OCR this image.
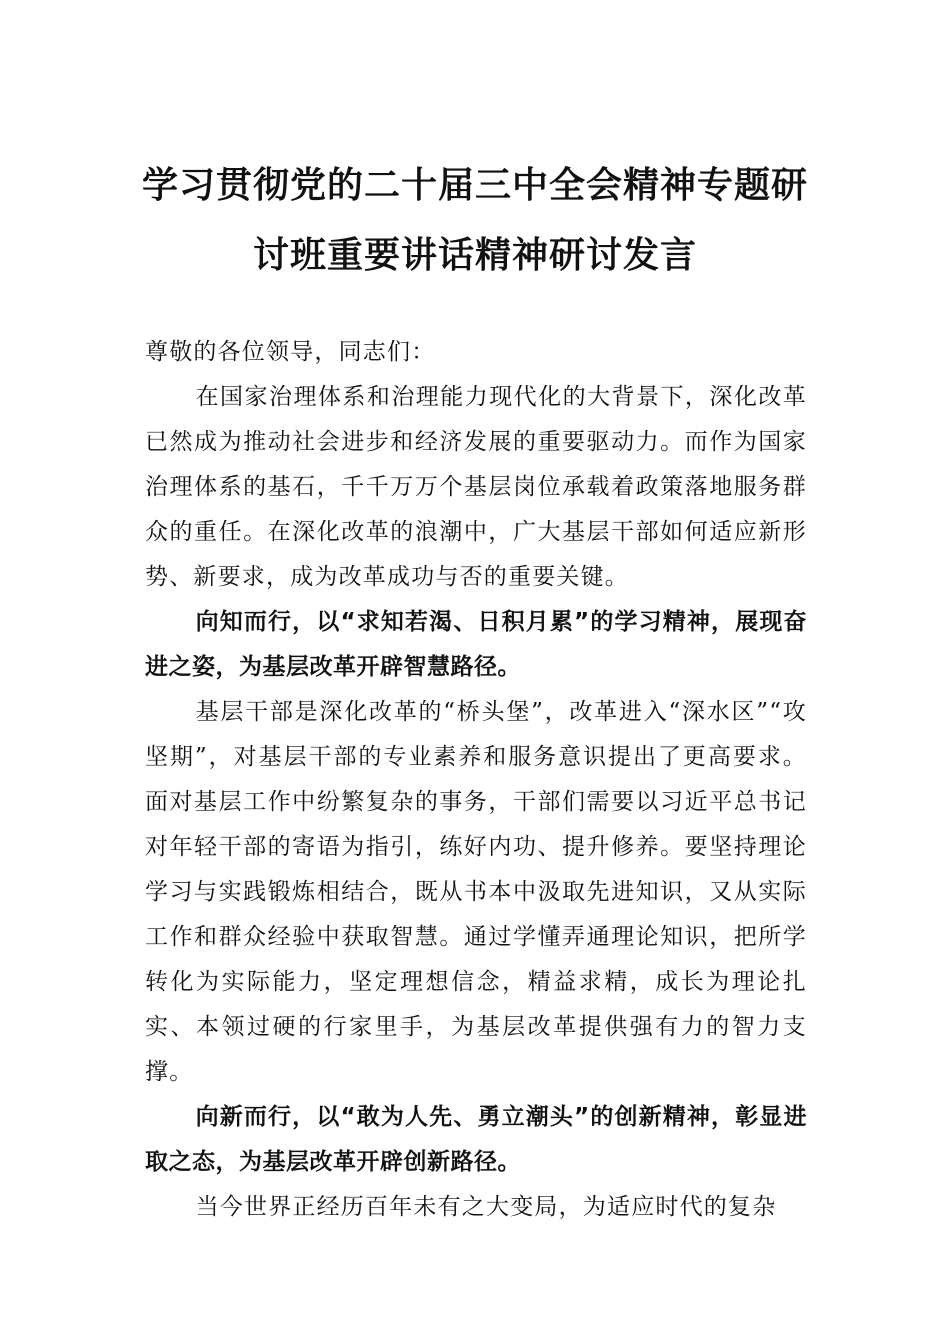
学习贯彻党的二十届三中全会精神专题研
讨班重要讲话精神研讨发言

尊敬的各位领导，同志们：

在国家治理体系和治理能力现代化的大背景下，深化改革已然成为推动社会进步和经济发展的重要驱动力。而作为国家治理体系的基石，千千万万个基层岗位承载着政策落地服务群众的重任。在深化改革的浪潮中，广大基层干部如何适应新形势、新要求，成为改革成功与否的重要关键。

向知而行，以“求知若渴、日积月累”的学习精神，展现奋进之姿，为基层改革开辟智慧路径。

基层干部是深化改革的“桥头堡”，改革进入“深水区”“攻坚期”，对基层干部的专业素养和服务意识提出了更高要求。面对基层工作中纷繁复杂的事务，干部们需要以习近平总书记对年轻干部的寄语为指引，练好内功、提升修养。要坚持理论学习与实践锻炼相结合，既从书本中汲取先进知识，又从实际工作和群众经验中获取智慧。通过学懂弄通理论知识，把所学转化为实际能力，坚定理想信念，精益求精，成长为理论扎实、本领过硬的行家里手，为基层改革提供强有力的智力支撑。

向新而行，以“敢为人先、勇立潮头”的创新精神，彰显进取之态，为基层改革开辟创新路径。

当今世界正经历百年未有之大变局，为适应时代的复杂
